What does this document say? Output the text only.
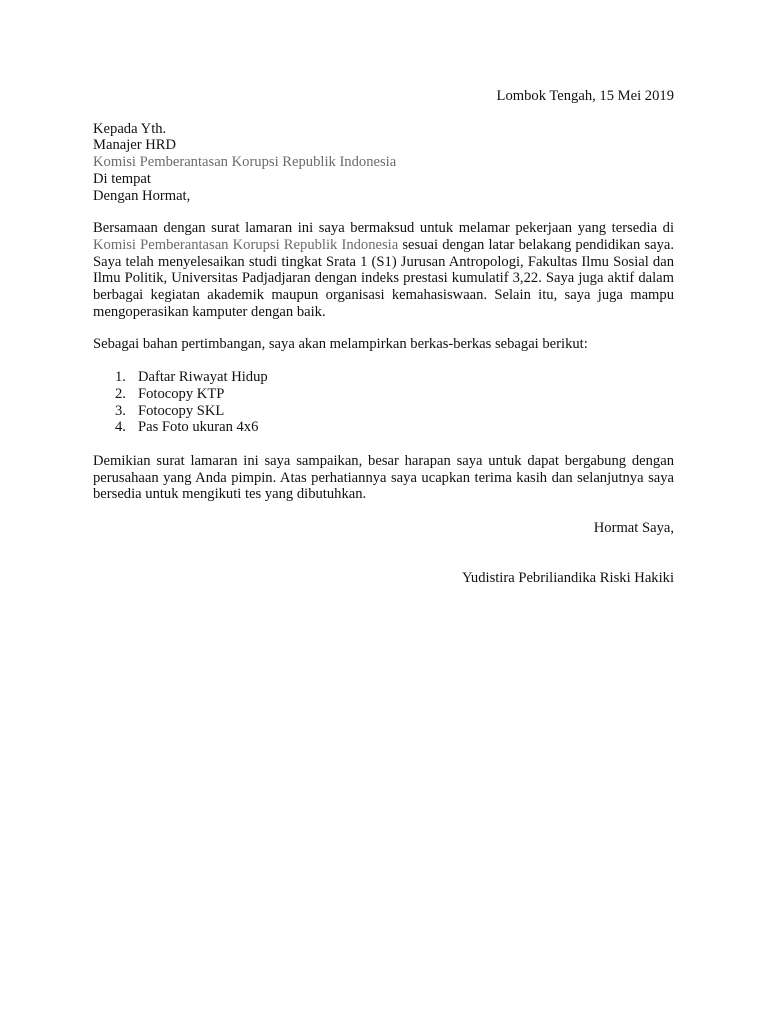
Lombok Tengah, 15 Mei 2019

Kepada Yth.
Manajer HRD
Komisi Pemberantasan Korupsi Republik Indonesia
Di tempat
Dengan Hormat,

Bersamaan dengan surat lamaran ini saya bermaksud untuk melamar pekerjaan yang tersedia di Komisi Pemberantasan Korupsi Republik Indonesia sesuai dengan latar belakang pendidikan saya. Saya telah menyelesaikan studi tingkat Srata 1 (S1) Jurusan Antropologi, Fakultas Ilmu Sosial dan Ilmu Politik, Universitas Padjadjaran dengan indeks prestasi kumulatif 3,22. Saya juga aktif dalam berbagai kegiatan akademik maupun organisasi kemahasiswaan. Selain itu, saya juga mampu mengoperasikan kamputer dengan baik.

Sebagai bahan pertimbangan, saya akan melampirkan berkas-berkas sebagai berikut:

1. Daftar Riwayat Hidup
2. Fotocopy KTP
3. Fotocopy SKL
4. Pas Foto ukuran 4x6

Demikian surat lamaran ini saya sampaikan, besar harapan saya untuk dapat bergabung dengan perusahaan yang Anda pimpin. Atas perhatiannya saya ucapkan terima kasih dan selanjutnya saya bersedia untuk mengikuti tes yang dibutuhkan.

Hormat Saya,

Yudistira Pebriliandika Riski Hakiki
